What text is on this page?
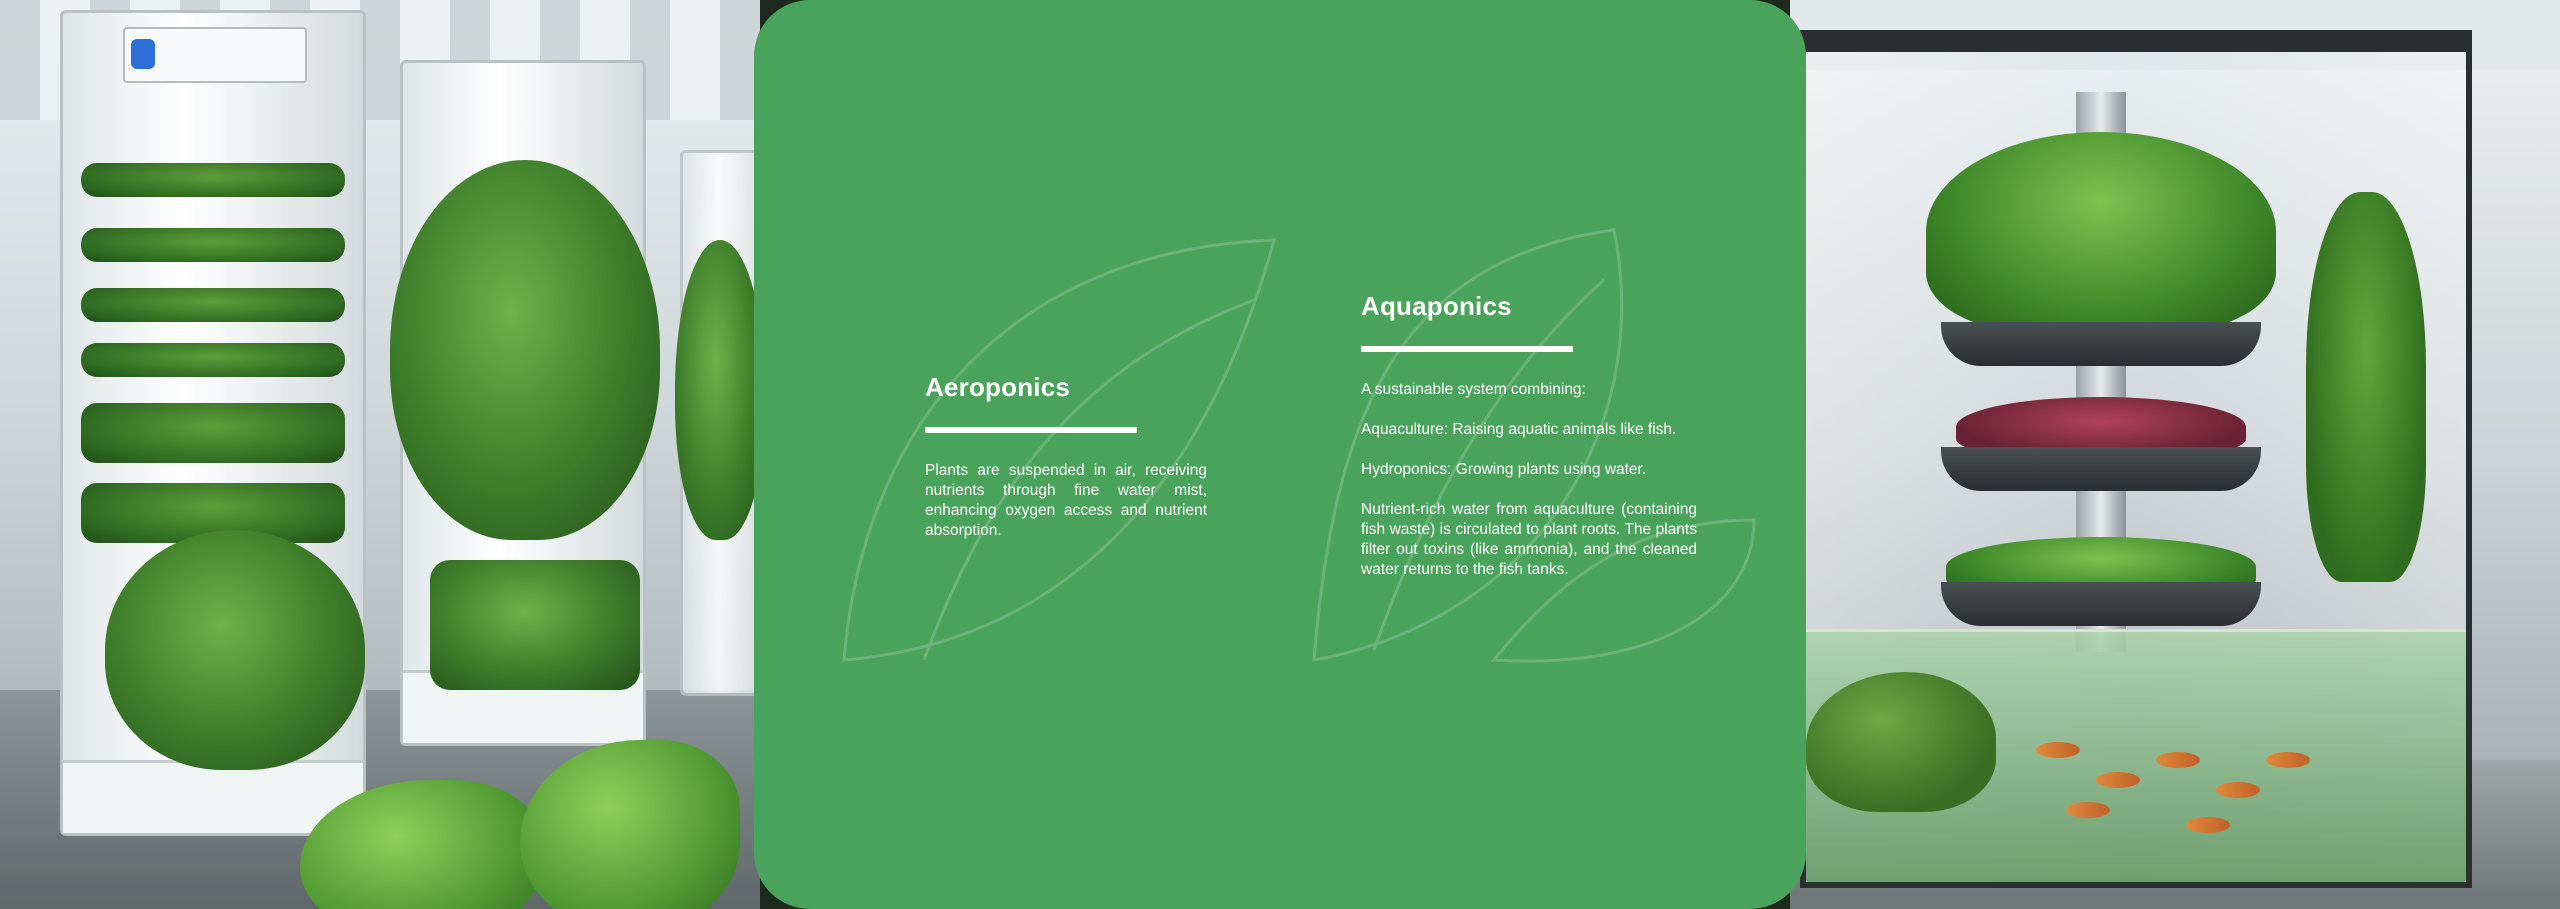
Aeroponics

Plants are suspended in air, receiving nutrients through fine water mist, enhancing oxygen access and nutrient absorption.

Aquaponics

A sustainable system combining:

Aquaculture: Raising aquatic animals like fish.

Hydroponics: Growing plants using water.

Nutrient-rich water from aquaculture (containing fish waste) is circulated to plant roots. The plants filter out toxins (like ammonia), and the cleaned water returns to the fish tanks.
